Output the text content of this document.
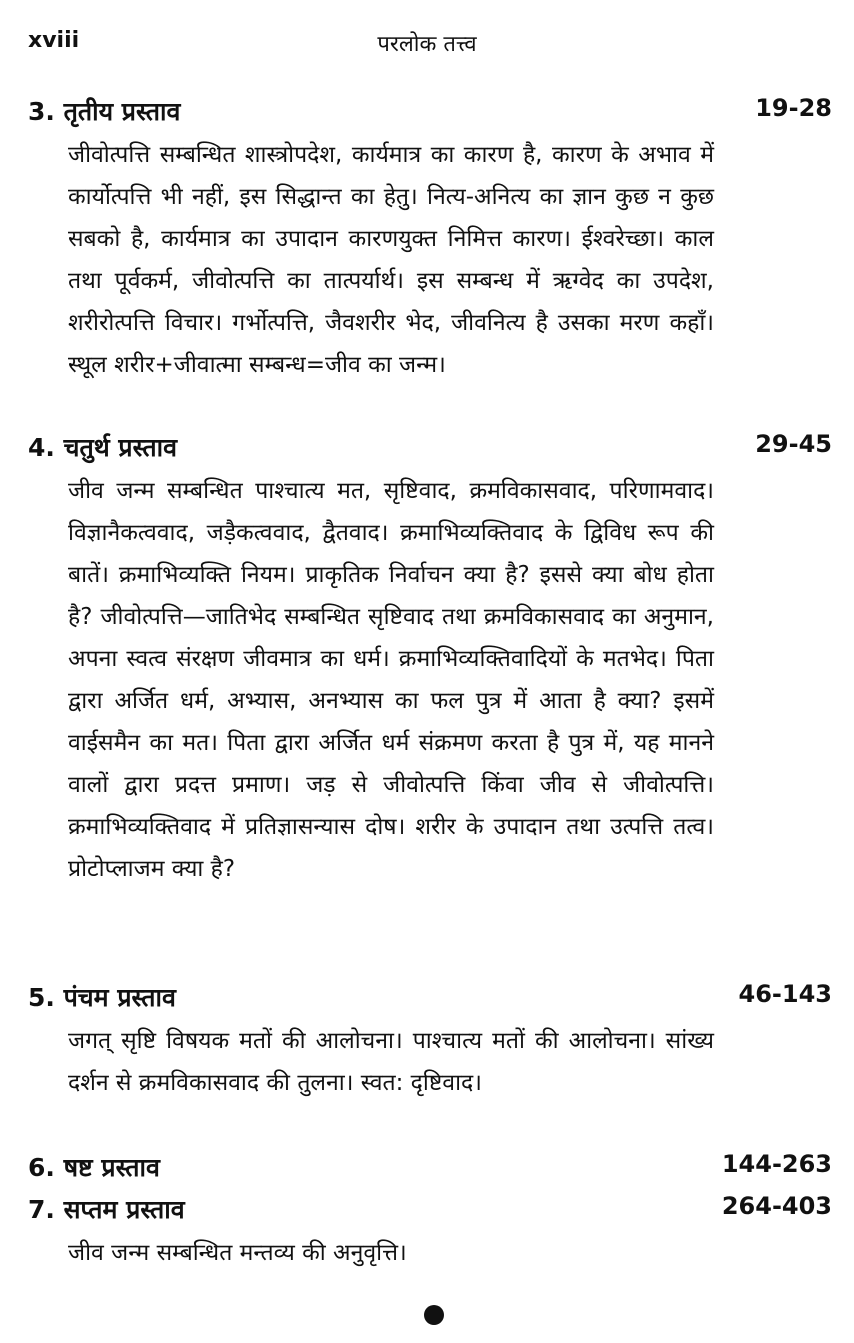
xviii	परलोक तत्त्व
3. तृतीय प्रस्ताव	19-28
जीवोत्पत्ति सम्बन्धित शास्त्रोपदेश, कार्यमात्र का कारण है, कारण के अभाव में कार्योत्पत्ति भी नहीं, इस सिद्धान्त का हेतु। नित्य-अनित्य का ज्ञान कुछ न कुछ सबको है, कार्यमात्र का उपादान कारणयुक्त निमित्त कारण। ईश्वरेच्छा। काल तथा पूर्वकर्म, जीवोत्पत्ति का तात्पर्यार्थ। इस सम्बन्ध में ऋग्वेद का उपदेश, शरीरोत्पत्ति विचार। गर्भोत्पत्ति, जैवशरीर भेद, जीवनित्य है उसका मरण कहाँ। स्थूल शरीर+जीवात्मा सम्बन्ध=जीव का जन्म।
4. चतुर्थ प्रस्ताव	29-45
जीव जन्म सम्बन्धित पाश्चात्य मत, सृष्टिवाद, क्रमविकासवाद, परिणामवाद। विज्ञानैकत्ववाद, जड़ैकत्ववाद, द्वैतवाद। क्रमाभिव्यक्तिवाद के द्विविध रूप की बातें। क्रमाभिव्यक्ति नियम। प्राकृतिक निर्वाचन क्या है? इससे क्या बोध होता है? जीवोत्पत्ति—जातिभेद सम्बन्धित सृष्टिवाद तथा क्रमविकासवाद का अनुमान, अपना स्वत्व संरक्षण जीवमात्र का धर्म। क्रमाभिव्यक्तिवादियों के मतभेद। पिता द्वारा अर्जित धर्म, अभ्यास, अनभ्यास का फल पुत्र में आता है क्या? इसमें वाईसमैन का मत। पिता द्वारा अर्जित धर्म संक्रमण करता है पुत्र में, यह मानने वालों द्वारा प्रदत्त प्रमाण। जड़ से जीवोत्पत्ति किंवा जीव से जीवोत्पत्ति। क्रमाभिव्यक्तिवाद में प्रतिज्ञासन्यास दोष। शरीर के उपादान तथा उत्पत्ति तत्व। प्रोटोप्लाजम क्या है?
5. पंचम प्रस्ताव	46-143
जगत् सृष्टि विषयक मतों की आलोचना। पाश्चात्य मतों की आलोचना। सांख्य दर्शन से क्रमविकासवाद की तुलना। स्वत: दृष्टिवाद।
6. षष्ट प्रस्ताव	144-263
7. सप्तम प्रस्ताव	264-403
जीव जन्म सम्बन्धित मन्तव्य की अनुवृत्ति।
